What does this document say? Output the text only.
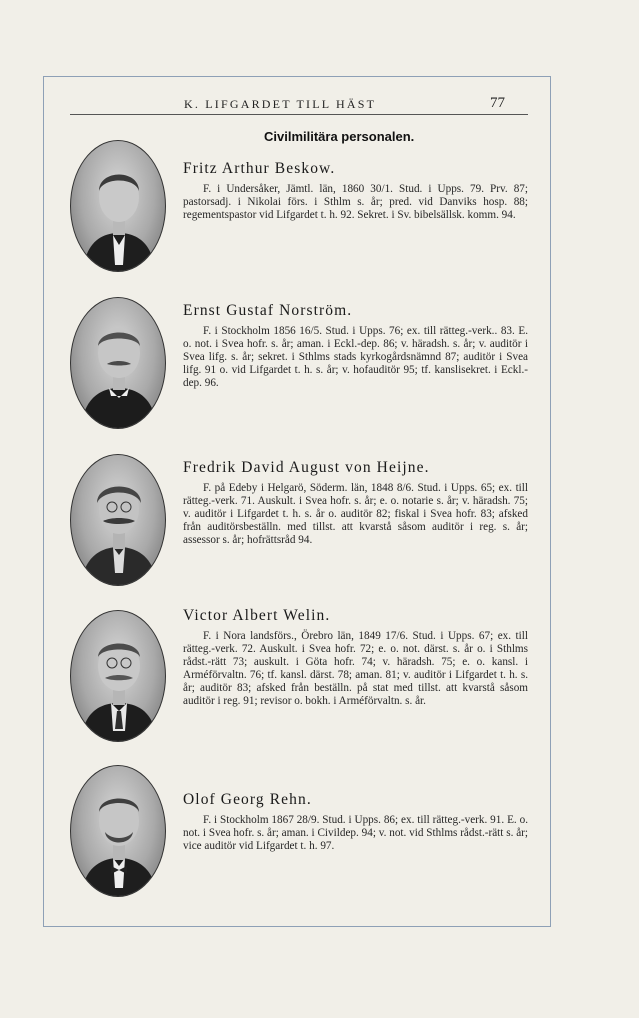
K. LIFGARDET TILL HÄST	77
Civilmilitära personalen.

Fritz Arthur Beskow.

F. i Undersåker, Jämtl. län, 1860 30/1. Stud. i Upps. 79. Prv. 87; pastorsadj. i Nikolai förs. i Sthlm s. år; pred. vid Danviks hosp. 88; regementspastor vid Lifgardet t. h. 92. Sekret. i Sv. bibelsällsk. komm. 94.

Ernst Gustaf Norström.

F. i Stockholm 1856 16/5. Stud. i Upps. 76; ex. till rätteg.-verk.. 83. E. o. not. i Svea hofr. s. år; aman. i Eckl.-dep. 86; v. häradsh. s. år; v. auditör i Svea lifg. s. år; sekret. i Sthlms stads kyrkogårdsnämnd 87; auditör i Svea lifg. 91 o. vid Lifgardet t. h. s. år; v. hofauditör 95; tf. kanslisekret. i Eckl.-dep. 96.

Fredrik David August von Heijne.

F. på Edeby i Helgarö, Söderm. län, 1848 8/6. Stud. i Upps. 65; ex. till rätteg.-verk. 71. Auskult. i Svea hofr. s. år; e. o. notarie s. år; v. häradsh. 75; v. auditör i Lifgardet t. h. s. år o. auditör 82; fiskal i Svea hofr. 83; afsked från auditörsbeställn. med tillst. att kvarstå såsom auditör i reg. s. år; assessor s. år; hofrättsråd 94.

Victor Albert Welin.

F. i Nora landsförs., Örebro län, 1849 17/6. Stud. i Upps. 67; ex. till rätteg.-verk. 72. Auskult. i Svea hofr. 72; e. o. not. därst. s. år o. i Sthlms rådst.-rätt 73; auskult. i Göta hofr. 74; v. häradsh. 75; e. o. kansl. i Arméförvaltn. 76; tf. kansl. därst. 78; aman. 81; v. auditör i Lifgardet t. h. s. år; auditör 83; afsked från beställn. på stat med tillst. att kvarstå såsom auditör i reg. 91; revisor o. bokh. i Arméförvaltn. s. år.

Olof Georg Rehn.

F. i Stockholm 1867 28/9. Stud. i Upps. 86; ex. till rätteg.-verk. 91. E. o. not. i Svea hofr. s. år; aman. i Civildep. 94; v. not. vid Sthlms rådst.-rätt s. år; vice auditör vid Lifgardet t. h. 97.
